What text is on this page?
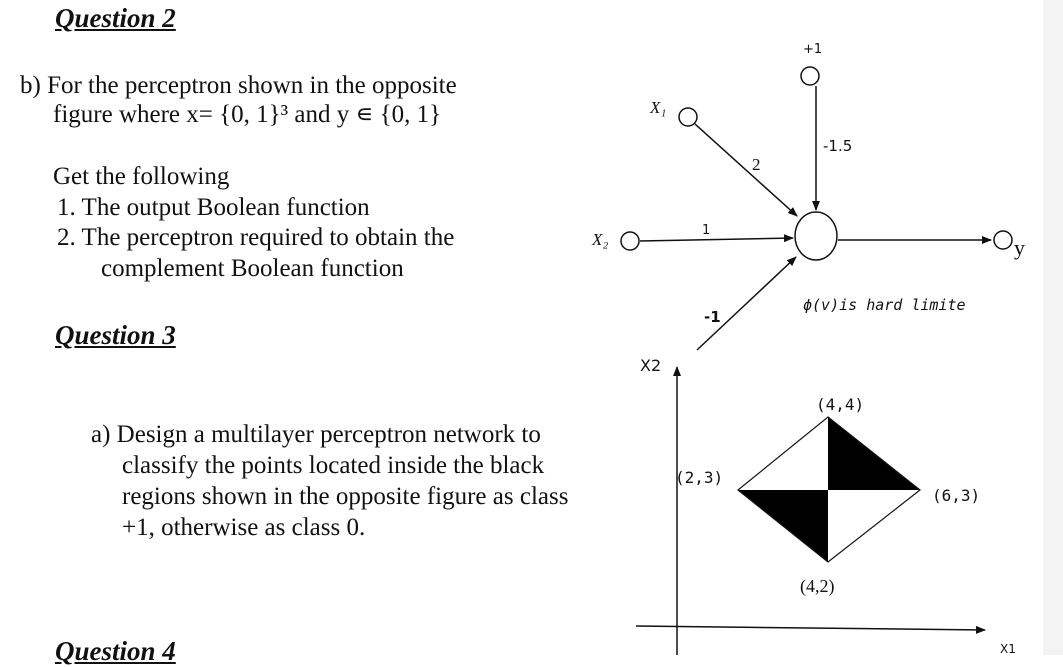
Question 2
b) For the perceptron shown in the opposite
figure where x= {0, 1}³ and y ∊ {0, 1}
Get the following
1. The output Boolean function
2. The perceptron required to obtain the
complement Boolean function
Question 3
a) Design a multilayer perceptron network to
classify the points located inside the black
regions shown in the opposite figure as class
+1, otherwise as class 0.
Question 4
+1
X₁
X₂
-1.5
2
1
-1
y
ϕ(v)is hard limite
X2
X1
(4,4)
(2,3)
(6,3)
(4,2)
